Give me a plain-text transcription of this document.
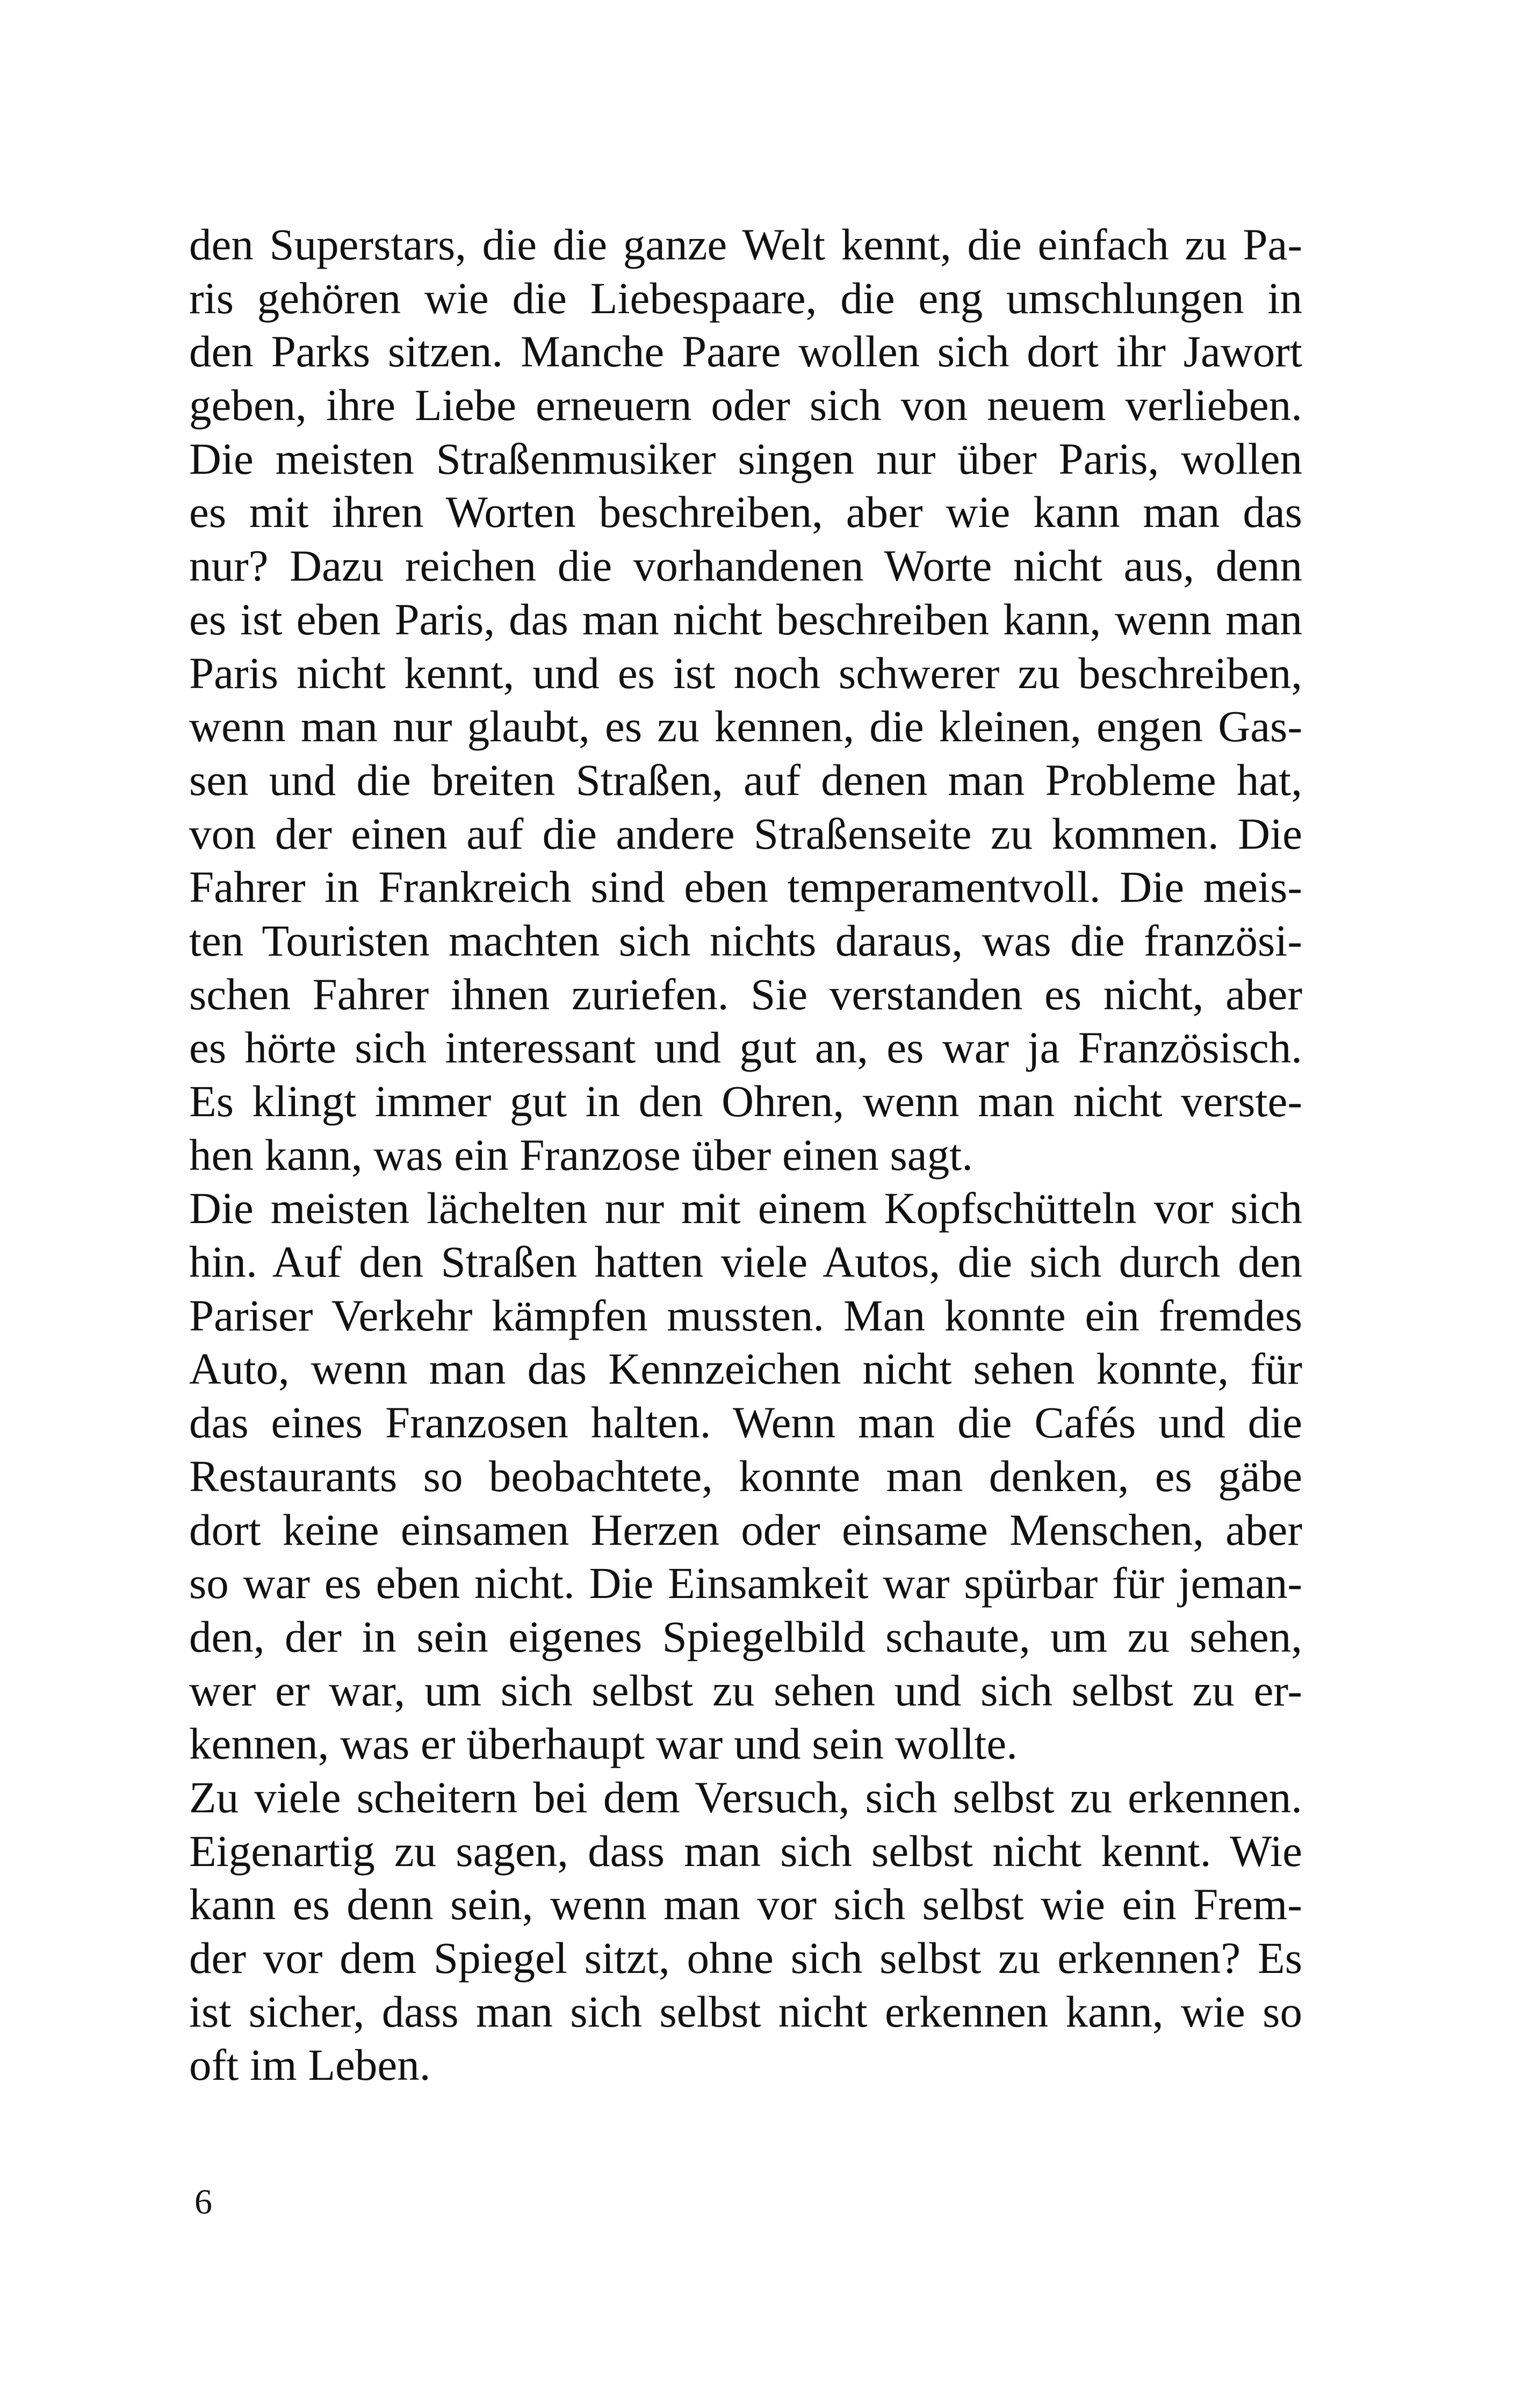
den Superstars, die die ganze Welt kennt, die einfach zu Pa-
ris gehören wie die Liebespaare, die eng umschlungen in
den Parks sitzen. Manche Paare wollen sich dort ihr Jawort
geben, ihre Liebe erneuern oder sich von neuem verlieben.
Die meisten Straßenmusiker singen nur über Paris, wollen
es mit ihren Worten beschreiben, aber wie kann man das
nur? Dazu reichen die vorhandenen Worte nicht aus, denn
es ist eben Paris, das man nicht beschreiben kann, wenn man
Paris nicht kennt, und es ist noch schwerer zu beschreiben,
wenn man nur glaubt, es zu kennen, die kleinen, engen Gas-
sen und die breiten Straßen, auf denen man Probleme hat,
von der einen auf die andere Straßenseite zu kommen. Die
Fahrer in Frankreich sind eben temperamentvoll. Die meis-
ten Touristen machten sich nichts daraus, was die französi-
schen Fahrer ihnen zuriefen. Sie verstanden es nicht, aber
es hörte sich interessant und gut an, es war ja Französisch.
Es klingt immer gut in den Ohren, wenn man nicht verste-
hen kann, was ein Franzose über einen sagt.
Die meisten lächelten nur mit einem Kopfschütteln vor sich
hin. Auf den Straßen hatten viele Autos, die sich durch den
Pariser Verkehr kämpfen mussten. Man konnte ein fremdes
Auto, wenn man das Kennzeichen nicht sehen konnte, für
das eines Franzosen halten. Wenn man die Cafés und die
Restaurants so beobachtete, konnte man denken, es gäbe
dort keine einsamen Herzen oder einsame Menschen, aber
so war es eben nicht. Die Einsamkeit war spürbar für jeman-
den, der in sein eigenes Spiegelbild schaute, um zu sehen,
wer er war, um sich selbst zu sehen und sich selbst zu er-
kennen, was er überhaupt war und sein wollte.
Zu viele scheitern bei dem Versuch, sich selbst zu erkennen.
Eigenartig zu sagen, dass man sich selbst nicht kennt. Wie
kann es denn sein, wenn man vor sich selbst wie ein Frem-
der vor dem Spiegel sitzt, ohne sich selbst zu erkennen? Es
ist sicher, dass man sich selbst nicht erkennen kann, wie so
oft im Leben.
6
